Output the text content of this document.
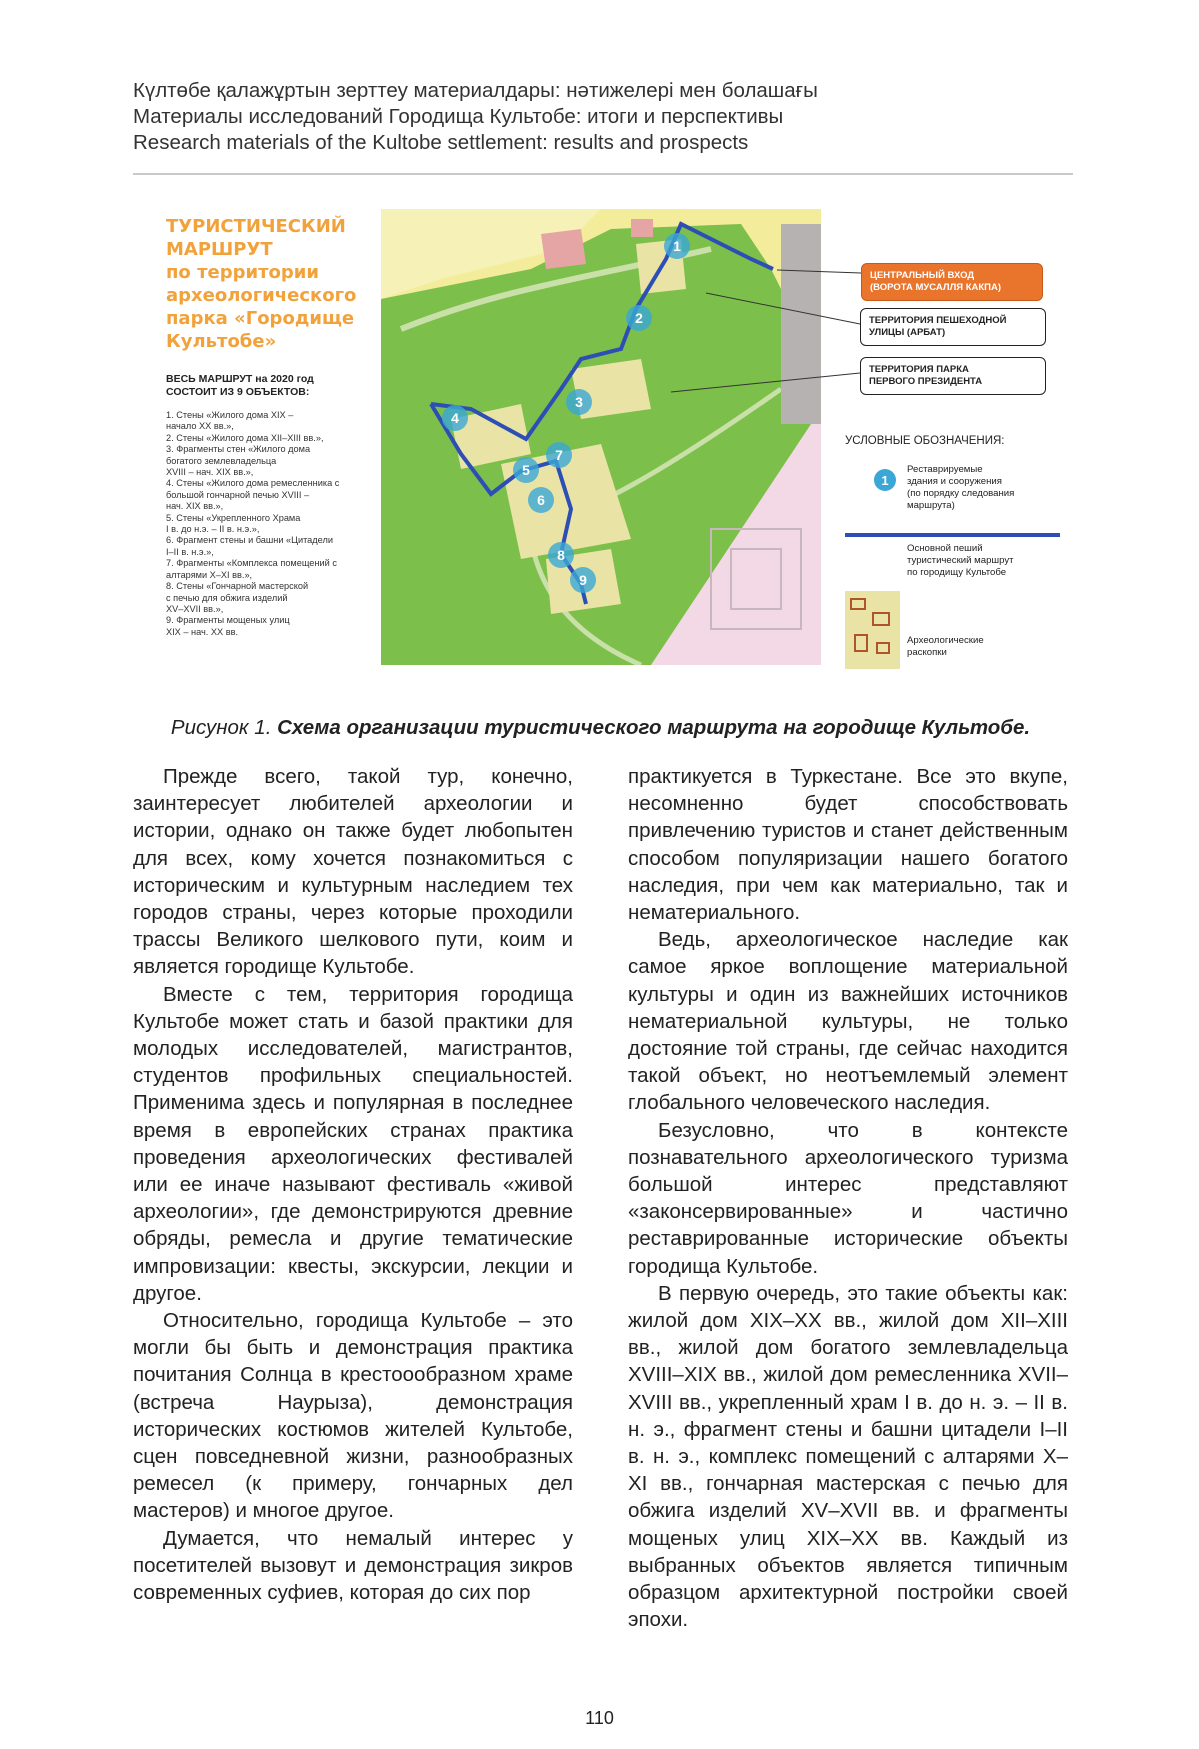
Күлтөбе қалажұртын зерттеу материалдары: нәтижелері мен болашағы
Материалы исследований Городища Культобе: итоги и перспективы
Research materials of the Kultobe settlement: results and prospects
ТУРИСТИЧЕСКИЙ
МАРШРУТ
по территории
археологического
парка «Городище
Культобе»
ВЕСЬ МАРШРУТ на 2020 год
СОСТОИТ ИЗ 9 ОБЪЕКТОВ:
1. Стены «Жилого дома XIX –
начало XX вв.»,
2. Стены «Жилого дома XII–XIII вв.»,
3. Фрагменты стен «Жилого дома
богатого землевладельца
XVIII – нач. XIX вв.»,
4. Стены «Жилого дома ремесленника с
большой гончарной печью XVIII –
нач. XIX вв.»,
5. Стены «Укрепленного Храма
I в. до н.э. – II в. н.э.»,
6. Фрагмент стены и башни «Цитадели
I–II в. н.э.»,
7. Фрагменты «Комплекса помещений с
алтарями X–XI вв.»,
8. Стены «Гончарной мастерской
с печью для обжига изделий
XV–XVII вв.»,
9. Фрагменты мощеных улиц
XIX – нач. XX вв.
1
2
3
4
5
6
7
8
9
ЦЕНТРАЛЬНЫЙ ВХОД
(ВОРОТА МУСАЛЛЯ КАКПА)
ТЕРРИТОРИЯ ПЕШЕХОДНОЙ
УЛИЦЫ (АРБАТ)
ТЕРРИТОРИЯ ПАРКА
ПЕРВОГО ПРЕЗИДЕНТА
УСЛОВНЫЕ ОБОЗНАЧЕНИЯ:
1
Реставрируемые
здания и сооружения
(по порядку следования
маршрута)
Основной пеший
туристический маршрут
по городищу Культобе
Археологические
раскопки
Рисунок 1. Схема организации туристического маршрута на городище Культобе.

Прежде всего, такой тур, конечно, заинтересует любителей археологии и истории, однако он также будет любопытен для всех, кому хочется познакомиться с историческим и культурным наследием тех городов страны, через которые проходили трассы Великого шелкового пути, коим и является городище Культобе.

Вместе с тем, территория городища Культобе может стать и базой практики для молодых исследователей, магистрантов, студентов профильных специальностей. Применима здесь и популярная в последнее время в европейских странах практика проведения археологических фестивалей или ее иначе называют фестиваль «живой археологии», где демонстрируются древние обряды, ремесла и другие тематические импровизации: квесты, экскурсии, лекции и другое.

Относительно, городища Культобе – это могли бы быть и демонстрация практика почитания Солнца в крестоообразном храме (встреча Наурыза), демонстрация исторических костюмов жителей Культобе, сцен повседневной жизни, разнообразных ремесел (к примеру, гончарных дел мастеров) и многое другое.

Думается, что немалый интерес у посетителей вызовут и демонстрация зикров современных суфиев, которая до сих пор

практикуется в Туркестане. Все это вкупе, несомненно будет способствовать привлечению туристов и станет действенным способом популяризации нашего богатого наследия, при чем как материально, так и нематериального.

Ведь, археологическое наследие как самое яркое воплощение материальной культуры и один из важнейших источников нематериальной культуры, не только достояние той страны, где сейчас находится такой объект, но неотъемлемый элемент глобального человеческого наследия.

Безусловно, что в контексте познавательного археологического туризма большой интерес представляют «законсервированные» и частично реставрированные исторические объекты городища Культобе.

В первую очередь, это такие объекты как: жилой дом XIX–XX вв., жилой дом XII–XIII вв., жилой дом богатого землевладельца XVIII–XIX вв., жилой дом ремесленника XVII–XVIII вв., укрепленный храм I в. до н. э. – II в. н. э., фрагмент стены и башни цитадели I–II в. н. э., комплекс помещений с алтарями X–XI вв., гончарная мастерская с печью для обжига изделий XV–XVII вв. и фрагменты мощеных улиц XIX–XX вв. Каждый из выбранных объектов является типичным образцом архитектурной постройки своей эпохи.

110
